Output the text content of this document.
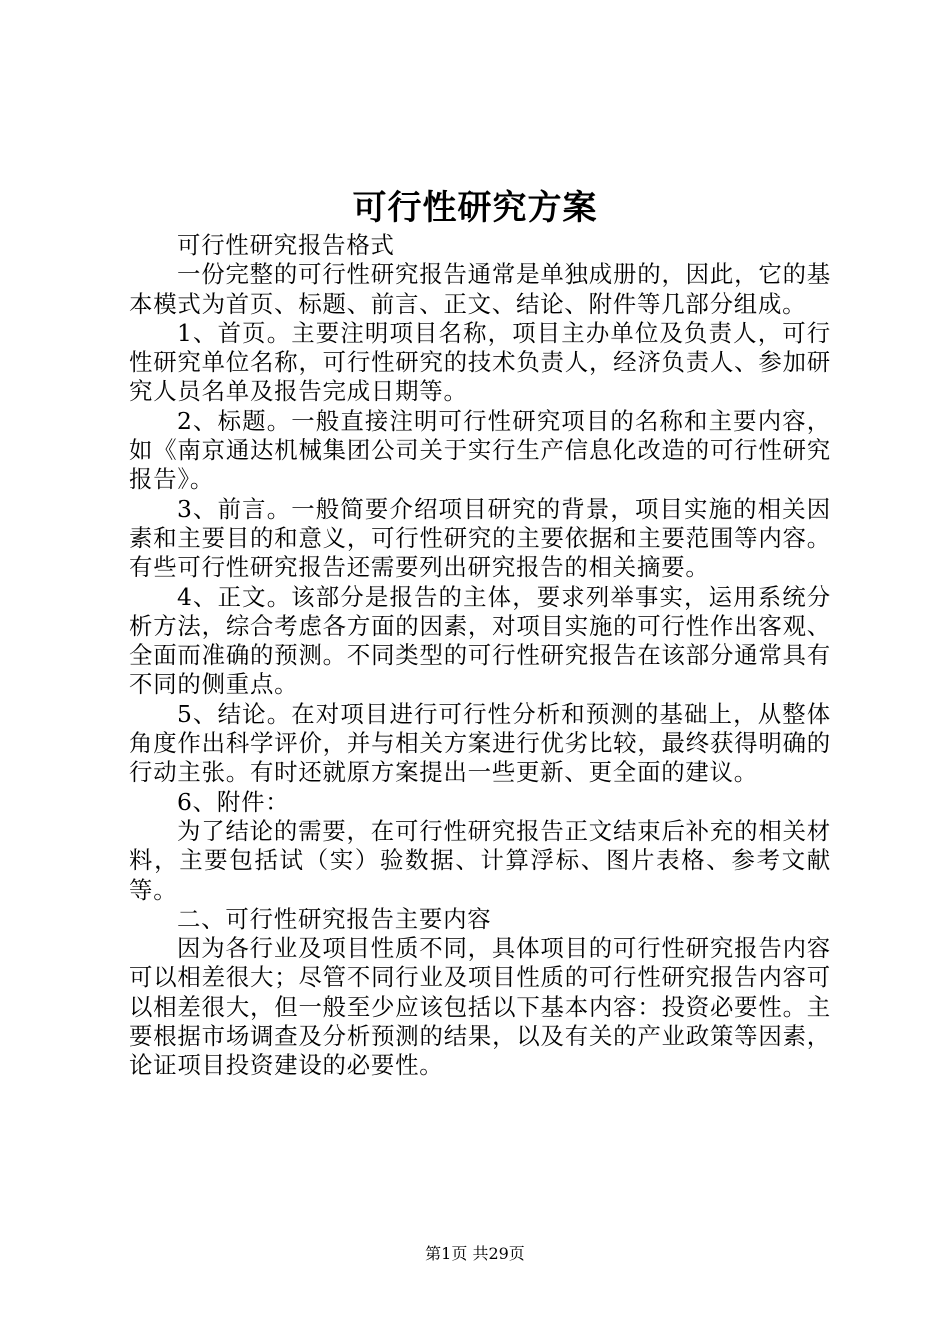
可行性研究方案

可行性研究报告格式

一份完整的可行性研究报告通常是单独成册的，因此，它的基本模式为首页、标题、前言、正文、结论、附件等几部分组成。

1、首页。主要注明项目名称，项目主办单位及负责人，可行性研究单位名称，可行性研究的技术负责人，经济负责人、参加研究人员名单及报告完成日期等。

2、标题。一般直接注明可行性研究项目的名称和主要内容，如《南京通达机械集团公司关于实行生产信息化改造的可行性研究报告》。

3、前言。一般简要介绍项目研究的背景，项目实施的相关因素和主要目的和意义，可行性研究的主要依据和主要范围等内容。有些可行性研究报告还需要列出研究报告的相关摘要。

4、正文。该部分是报告的主体，要求列举事实，运用系统分析方法，综合考虑各方面的因素，对项目实施的可行性作出客观、全面而准确的预测。不同类型的可行性研究报告在该部分通常具有不同的侧重点。

5、结论。在对项目进行可行性分析和预测的基础上，从整体角度作出科学评价，并与相关方案进行优劣比较，最终获得明确的行动主张。有时还就原方案提出一些更新、更全面的建议。

6、附件：

为了结论的需要，在可行性研究报告正文结束后补充的相关材料，主要包括试（实）验数据、计算浮标、图片表格、参考文献等。

二、可行性研究报告主要内容

因为各行业及项目性质不同，具体项目的可行性研究报告内容可以相差很大；尽管不同行业及项目性质的可行性研究报告内容可以相差很大，但一般至少应该包括以下基本内容：投资必要性。主要根据市场调查及分析预测的结果，以及有关的产业政策等因素，论证项目投资建设的必要性。

第1页 共29页
